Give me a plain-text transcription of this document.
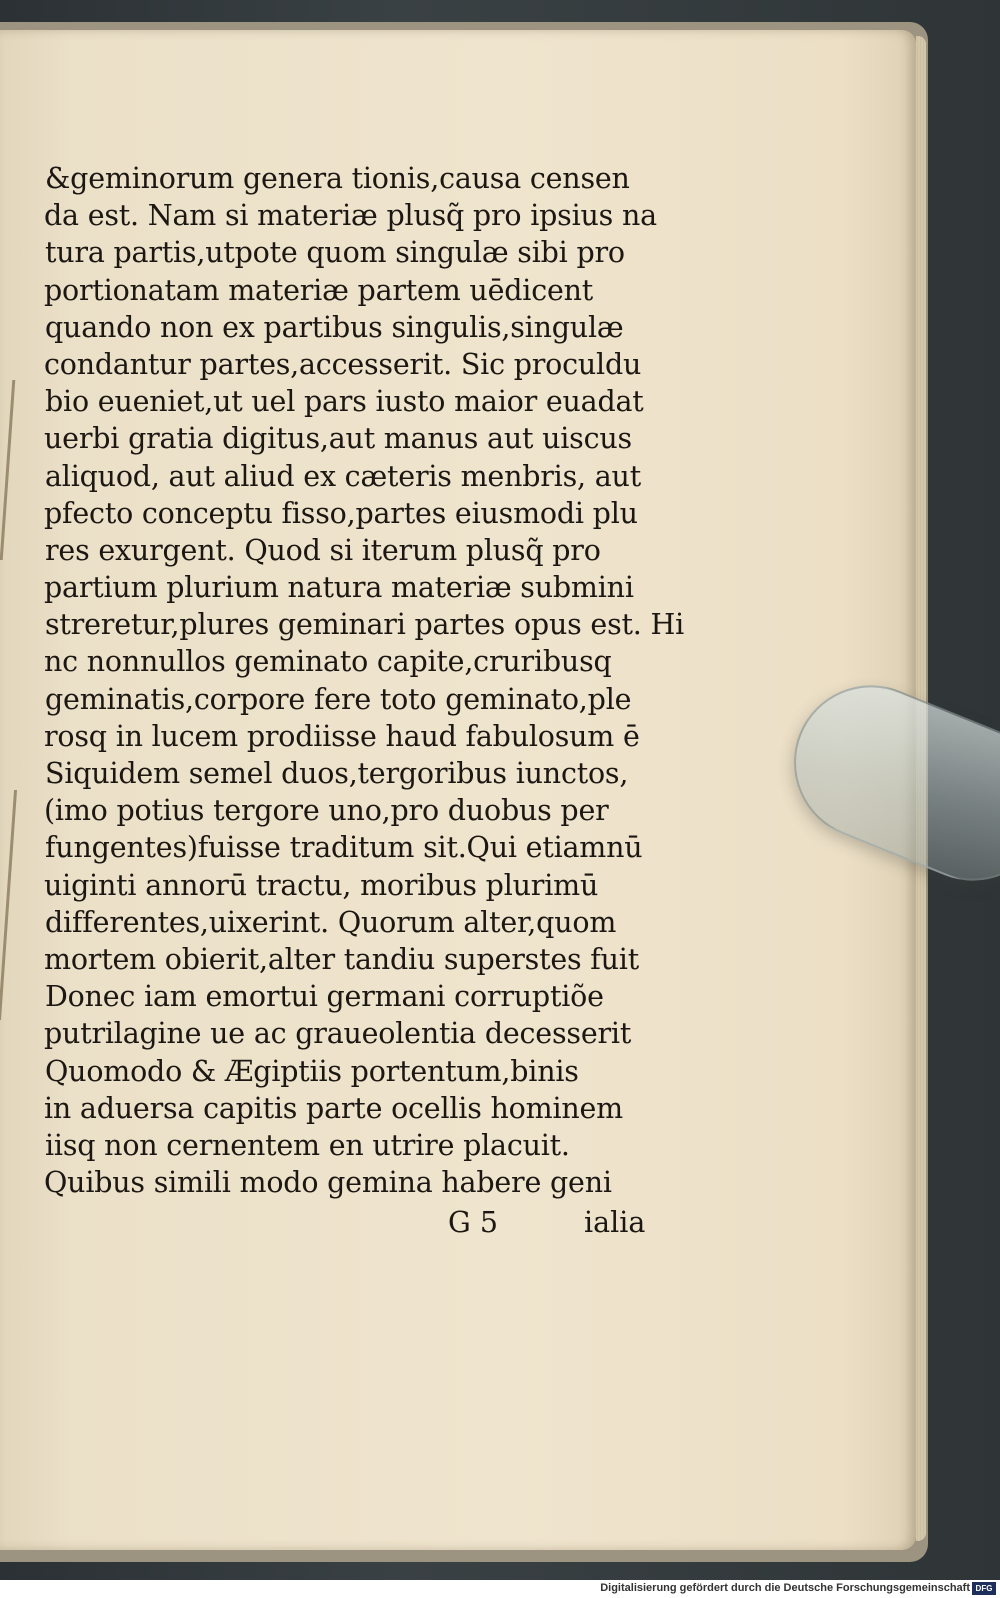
&geminorum genera tionis,causa censen
da est. Nam si materiæ plusq̃ pro ipsius na
tura partis,utpote quom singulæ sibi pro
portionatam materiæ partem uēdicent
quando non ex partibus singulis,singulæ
condantur partes,accesserit. Sic proculdu
bio eueniet,ut uel pars iusto maior euadat
uerbi gratia digitus,aut manus aut uiscus
aliquod, aut aliud ex cæteris menbris, aut
pfecto conceptu fisso,partes eiusmodi plu
res exurgent. Quod si iterum plusq̃ pro
partium plurium natura materiæ submini
streretur,plures geminari partes opus est. Hi
nc nonnullos geminato capite,cruribusq
geminatis,corpore fere toto geminato,ple
rosq in lucem prodiisse haud fabulosum ē
Siquidem semel duos,tergoribus iunctos,
(imo potius tergore uno,pro duobus per
fungentes)fuisse traditum sit.Qui etiamnū
uiginti annorū tractu, moribus plurimū
differentes,uixerint. Quorum alter,quom
mortem obierit,alter tandiu superstes fuit
Donec iam emortui germani corruptiõe
putrilagine ue ac graueolentia decesserit
Quomodo & Ægiptiis portentum,binis
in aduersa capitis parte ocellis hominem
iisq non cernentem en utrire placuit.
Quibus simili modo gemina habere geni
G 5	ialia
Digitalisierung gefördert durch die Deutsche Forschungsgemeinschaft DFG
